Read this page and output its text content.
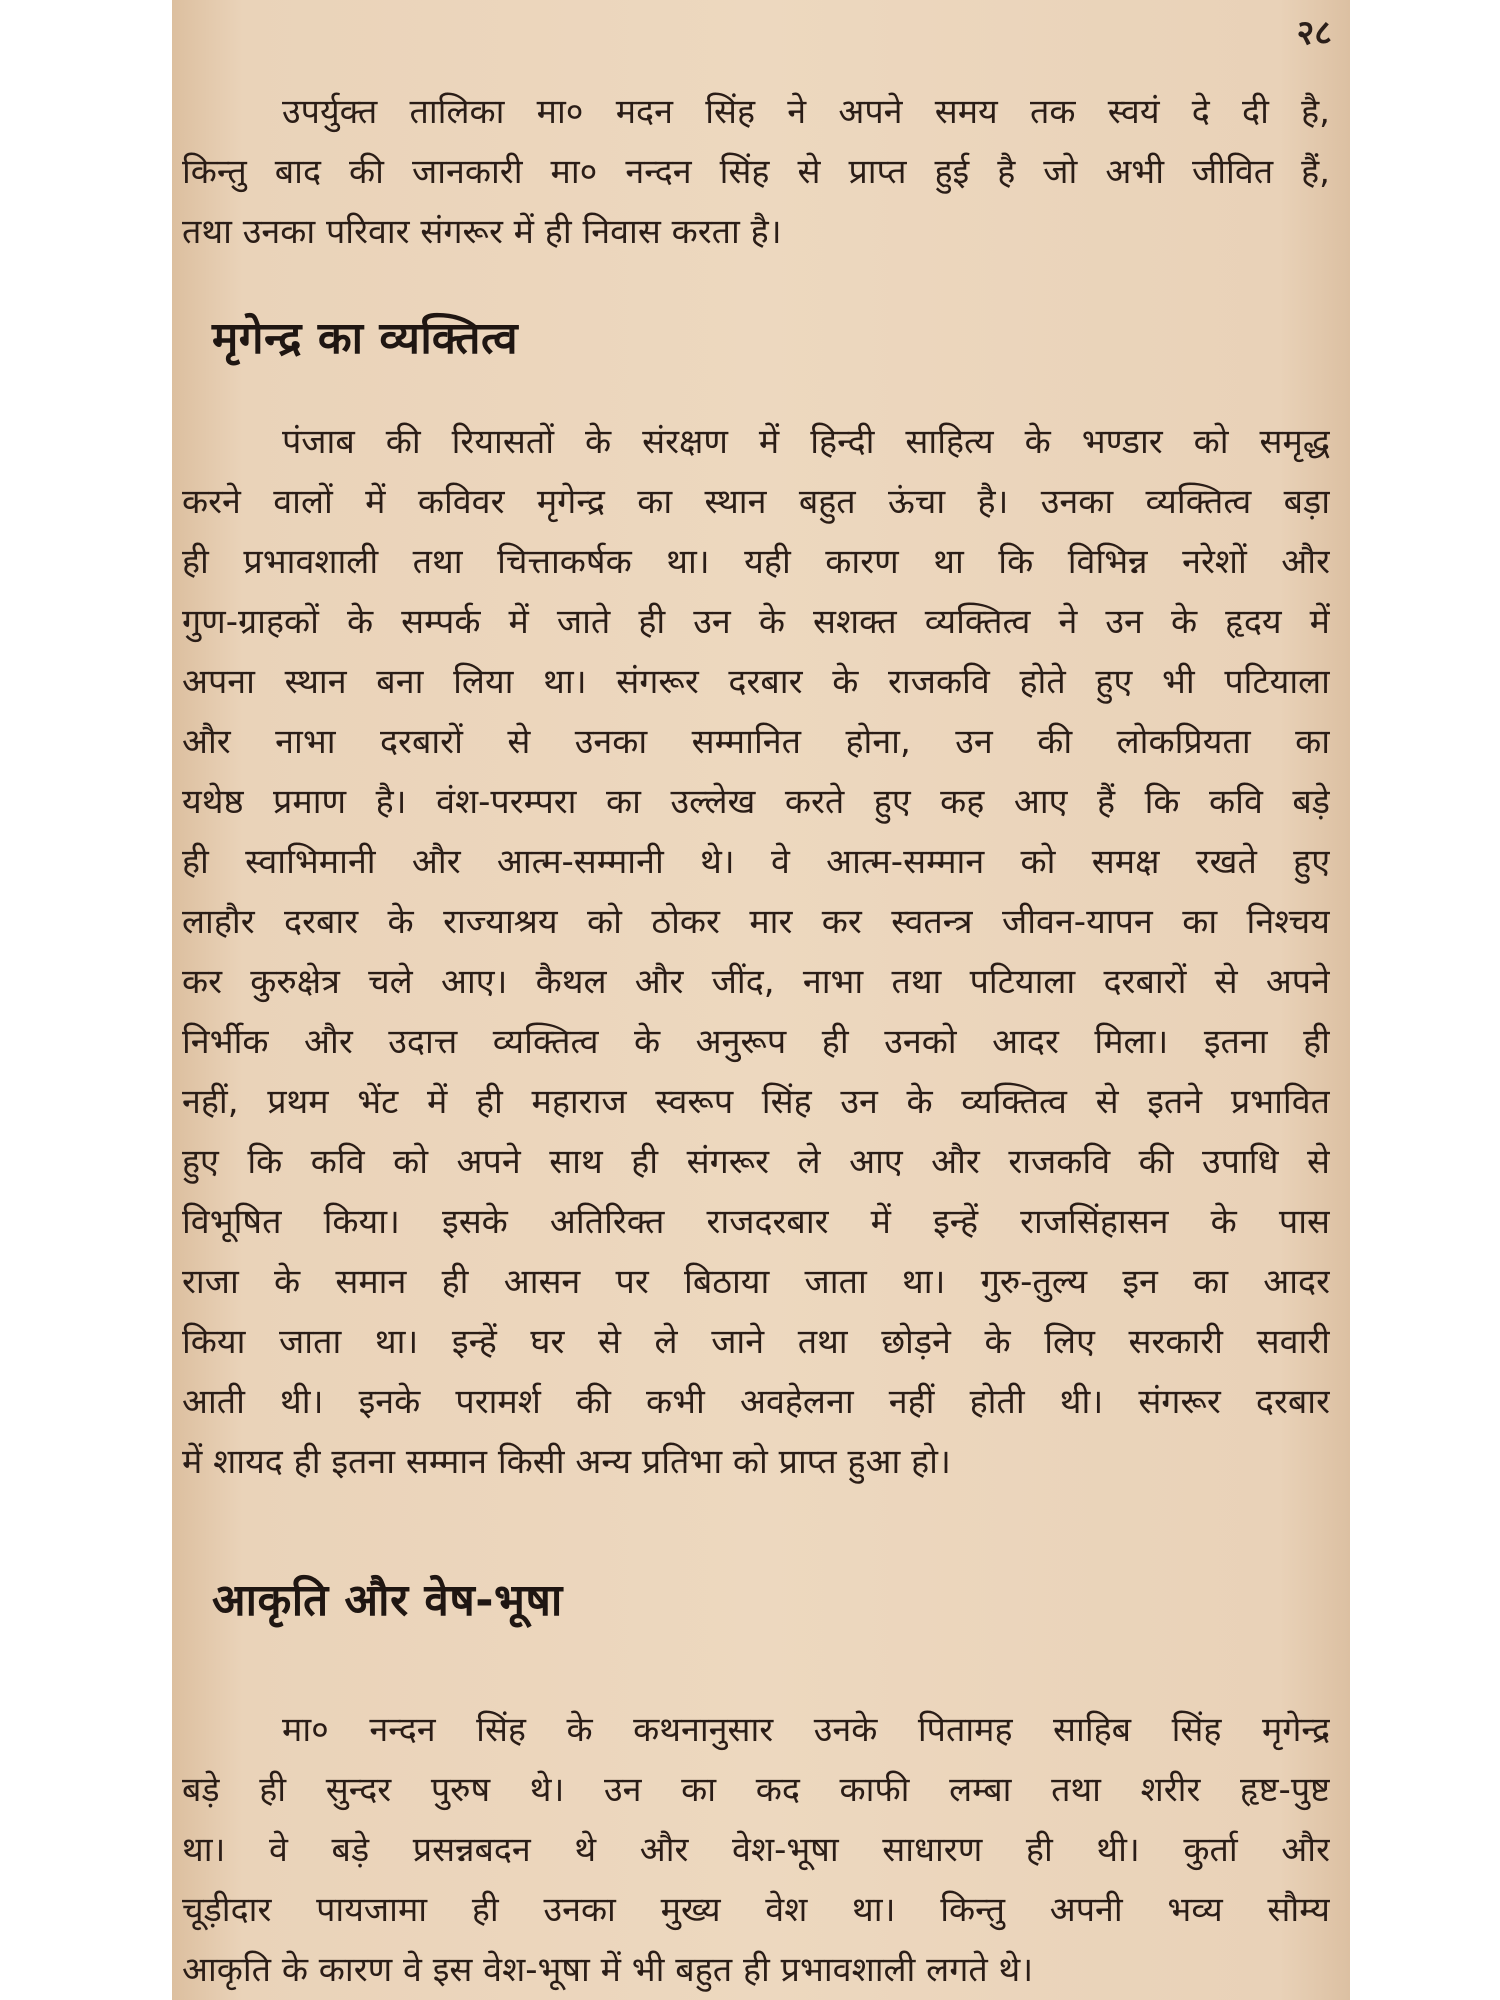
२८
उपर्युक्त तालिका मा० मदन सिंह ने अपने समय तक स्वयं दे दी है,
किन्तु बाद की जानकारी मा० नन्दन सिंह से प्राप्त हुई है जो अभी जीवित हैं,
तथा उनका परिवार संगरूर में ही निवास करता है।
मृगेन्द्र का व्यक्तित्व
पंजाब की रियासतों के संरक्षण में हिन्दी साहित्य के भण्डार को समृद्ध
करने वालों में कविवर मृगेन्द्र का स्थान बहुत ऊंचा है। उनका व्यक्तित्व बड़ा
ही प्रभावशाली तथा चित्ताकर्षक था। यही कारण था कि विभिन्न नरेशों और
गुण-ग्राहकों के सम्पर्क में जाते ही उन के सशक्त व्यक्तित्व ने उन के हृदय में
अपना स्थान बना लिया था। संगरूर दरबार के राजकवि होते हुए भी पटियाला
और नाभा दरबारों से उनका सम्मानित होना, उन की लोकप्रियता का
यथेष्ठ प्रमाण है। वंश-परम्परा का उल्लेख करते हुए कह आए हैं कि कवि बड़े
ही स्वाभिमानी और आत्म-सम्मानी थे। वे आत्म-सम्मान को समक्ष रखते हुए
लाहौर दरबार के राज्याश्रय को ठोकर मार कर स्वतन्त्र जीवन-यापन का निश्चय
कर कुरुक्षेत्र चले आए। कैथल और जींद, नाभा तथा पटियाला दरबारों से अपने
निर्भीक और उदात्त व्यक्तित्व के अनुरूप ही उनको आदर मिला। इतना ही
नहीं, प्रथम भेंट में ही महाराज स्वरूप सिंह उन के व्यक्तित्व से इतने प्रभावित
हुए कि कवि को अपने साथ ही संगरूर ले आए और राजकवि की उपाधि से
विभूषित किया। इसके अतिरिक्त राजदरबार में इन्हें राजसिंहासन के पास
राजा के समान ही आसन पर बिठाया जाता था। गुरु-तुल्य इन का आदर
किया जाता था। इन्हें घर से ले जाने तथा छोड़ने के लिए सरकारी सवारी
आती थी। इनके परामर्श की कभी अवहेलना नहीं होती थी। संगरूर दरबार
में शायद ही इतना सम्मान किसी अन्य प्रतिभा को प्राप्त हुआ हो।
आकृति और वेष-भूषा
मा० नन्दन सिंह के कथनानुसार उनके पितामह साहिब सिंह मृगेन्द्र
बड़े ही सुन्दर पुरुष थे। उन का कद काफी लम्बा तथा शरीर हृष्ट-पुष्ट
था। वे बड़े प्रसन्नबदन थे और वेश-भूषा साधारण ही थी। कुर्ता और
चूड़ीदार पायजामा ही उनका मुख्य वेश था। किन्तु अपनी भव्य सौम्य
आकृति के कारण वे इस वेश-भूषा में भी बहुत ही प्रभावशाली लगते थे।
